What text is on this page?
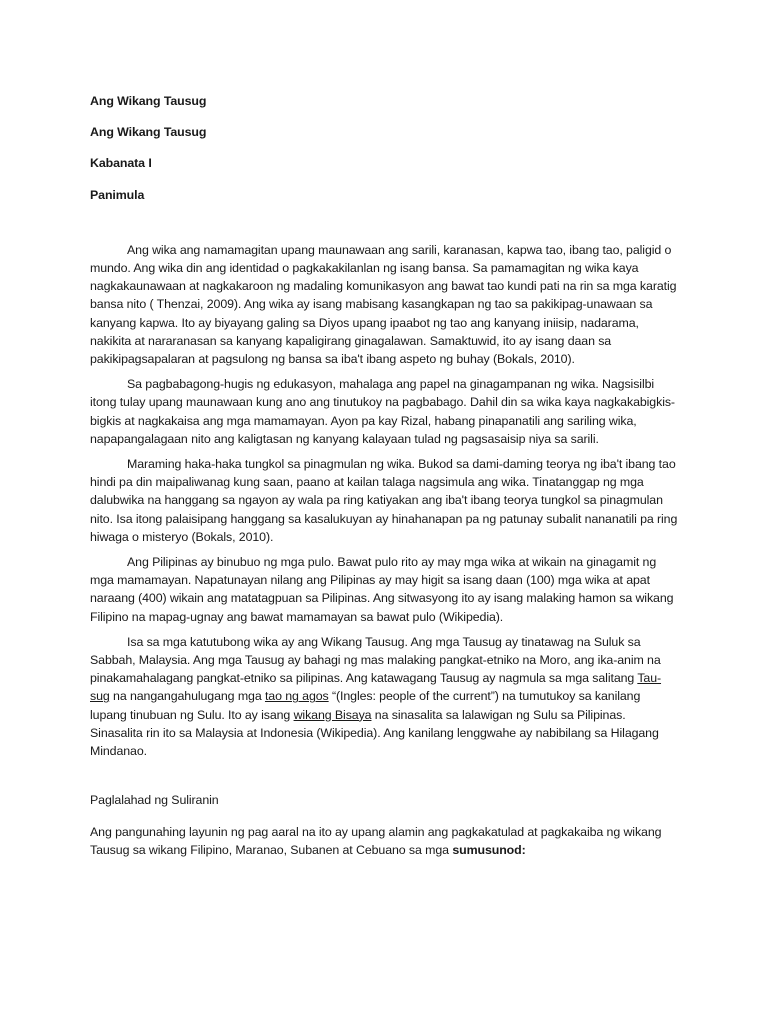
Ang Wikang Tausug
Ang Wikang Tausug
Kabanata I
Panimula

Ang wika ang namamagitan upang maunawaan ang sarili, karanasan, kapwa tao, ibang tao, paligid o mundo. Ang wika din ang identidad o pagkakakilanlan ng isang bansa. Sa pamamagitan ng wika kaya nagkakaunawaan at nagkakaroon ng madaling komunikasyon ang bawat tao kundi pati na rin sa mga karatig bansa nito ( Thenzai, 2009). Ang wika ay isang mabisang kasangkapan ng tao sa pakikipag-unawaan sa kanyang kapwa. Ito ay biyayang galing sa Diyos upang ipaabot ng tao ang kanyang iniisip, nadarama, nakikita at nararanasan sa kanyang kapaligirang ginagalawan. Samaktuwid, ito ay isang daan sa pakikipagsapalaran at pagsulong ng bansa sa iba't ibang aspeto ng buhay (Bokals, 2010).

Sa pagbabagong-hugis ng edukasyon, mahalaga ang papel na ginagampanan ng wika. Nagsisilbi itong tulay upang maunawaan kung ano ang tinutukoy na pagbabago. Dahil din sa wika kaya nagkakabigkis-bigkis at nagkakaisa ang mga mamamayan. Ayon pa kay Rizal, habang pinapanatili ang sariling wika, napapangalagaan nito ang kaligtasan ng kanyang kalayaan tulad ng pagsasaisip niya sa sarili.

Maraming haka-haka tungkol sa pinagmulan ng wika. Bukod sa dami-daming teorya ng iba't ibang tao hindi pa din maipaliwanag kung saan, paano at kailan talaga nagsimula ang wika. Tinatanggap ng mga dalubwika na hanggang sa ngayon ay wala pa ring katiyakan ang iba't ibang teorya tungkol sa pinagmulan nito. Isa itong palaisipang hanggang sa kasalukuyan ay hinahanapan pa ng patunay subalit nananatili pa ring hiwaga o misteryo (Bokals, 2010).

Ang Pilipinas ay binubuo ng mga pulo. Bawat pulo rito ay may mga wika at wikain na ginagamit ng mga mamamayan. Napatunayan nilang ang Pilipinas ay may higit sa isang daan (100) mga wika at apat naraang (400) wikain ang matatagpuan sa Pilipinas. Ang sitwasyong ito ay isang malaking hamon sa wikang Filipino na mapag-ugnay ang bawat mamamayan sa bawat pulo (Wikipedia).

Isa sa mga katutubong wika ay ang Wikang Tausug. Ang mga Tausug ay tinatawag na Suluk sa Sabbah, Malaysia. Ang mga Tausug ay bahagi ng mas malaking pangkat-etniko na Moro, ang ika-anim na pinakamahalagang pangkat-etniko sa pilipinas. Ang katawagang Tausug ay nagmula sa mga salitang Tau-sug na nangangahulugang mga tao ng agos “(Ingles: people of the current”) na tumutukoy sa kanilang lupang tinubuan ng Sulu. Ito ay isang wikang Bisaya na sinasalita sa lalawigan ng Sulu sa Pilipinas. Sinasalita rin ito sa Malaysia at Indonesia (Wikipedia). Ang kanilang lenggwahe ay nabibilang sa Hilagang Mindanao.

Paglalahad ng Suliranin

Ang pangunahing layunin ng pag aaral na ito ay upang alamin ang pagkakatulad at pagkakaiba ng wikang Tausug sa wikang Filipino, Maranao, Subanen at Cebuano sa mga sumusunod:
